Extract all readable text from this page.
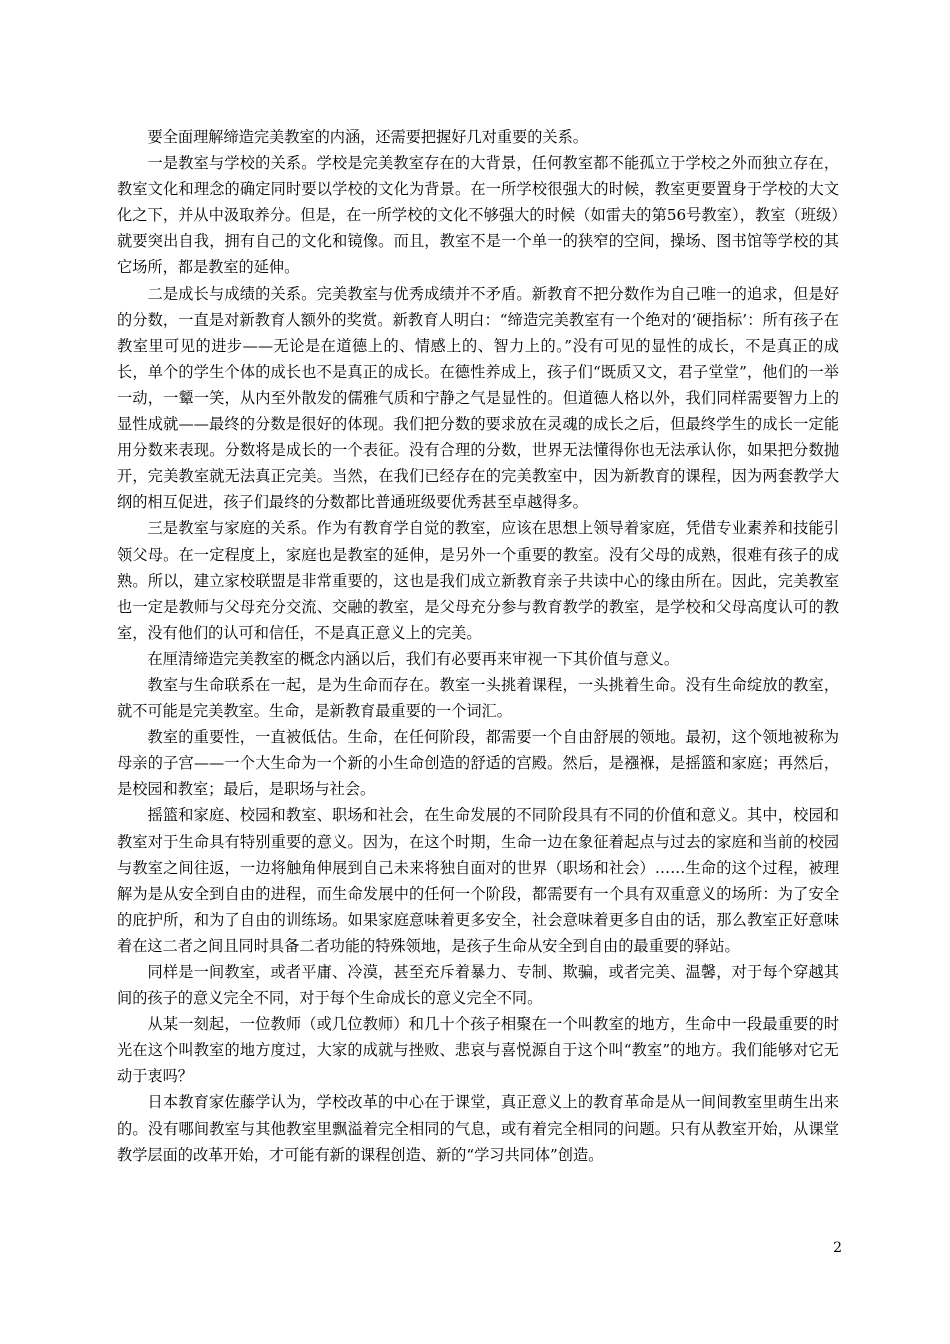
要全面理解缔造完美教室的内涵，还需要把握好几对重要的关系。

一是教室与学校的关系。学校是完美教室存在的大背景，任何教室都不能孤立于学校之外而独立存在，教室文化和理念的确定同时要以学校的文化为背景。在一所学校很强大的时候，教室更要置身于学校的大文化之下，并从中汲取养分。但是，在一所学校的文化不够强大的时候（如雷夫的第56号教室），教室（班级）就要突出自我，拥有自己的文化和镜像。而且，教室不是一个单一的狭窄的空间，操场、图书馆等学校的其它场所，都是教室的延伸。

二是成长与成绩的关系。完美教室与优秀成绩并不矛盾。新教育不把分数作为自己唯一的追求，但是好的分数，一直是对新教育人额外的奖赏。新教育人明白：“缔造完美教室有一个绝对的‘硬指标’：所有孩子在教室里可见的进步——无论是在道德上的、情感上的、智力上的。”没有可见的显性的成长，不是真正的成长，单个的学生个体的成长也不是真正的成长。在德性养成上，孩子们“既质又文，君子堂堂”，他们的一举一动，一颦一笑，从内至外散发的儒雅气质和宁静之气是显性的。但道德人格以外，我们同样需要智力上的显性成就——最终的分数是很好的体现。我们把分数的要求放在灵魂的成长之后，但最终学生的成长一定能用分数来表现。分数将是成长的一个表征。没有合理的分数，世界无法懂得你也无法承认你，如果把分数抛开，完美教室就无法真正完美。当然，在我们已经存在的完美教室中，因为新教育的课程，因为两套教学大纲的相互促进，孩子们最终的分数都比普通班级要优秀甚至卓越得多。

三是教室与家庭的关系。作为有教育学自觉的教室，应该在思想上领导着家庭，凭借专业素养和技能引领父母。在一定程度上，家庭也是教室的延伸，是另外一个重要的教室。没有父母的成熟，很难有孩子的成熟。所以，建立家校联盟是非常重要的，这也是我们成立新教育亲子共读中心的缘由所在。因此，完美教室也一定是教师与父母充分交流、交融的教室，是父母充分参与教育教学的教室，是学校和父母高度认可的教室，没有他们的认可和信任，不是真正意义上的完美。

在厘清缔造完美教室的概念内涵以后，我们有必要再来审视一下其价值与意义。

教室与生命联系在一起，是为生命而存在。教室一头挑着课程，一头挑着生命。没有生命绽放的教室，就不可能是完美教室。生命，是新教育最重要的一个词汇。

教室的重要性，一直被低估。生命，在任何阶段，都需要一个自由舒展的领地。最初，这个领地被称为母亲的子宫——一个大生命为一个新的小生命创造的舒适的宫殿。然后，是襁褓，是摇篮和家庭；再然后，是校园和教室；最后，是职场与社会。

摇篮和家庭、校园和教室、职场和社会，在生命发展的不同阶段具有不同的价值和意义。其中，校园和教室对于生命具有特别重要的意义。因为，在这个时期，生命一边在象征着起点与过去的家庭和当前的校园与教室之间往返，一边将触角伸展到自己未来将独自面对的世界（职场和社会）……生命的这个过程，被理解为是从安全到自由的进程，而生命发展中的任何一个阶段，都需要有一个具有双重意义的场所：为了安全的庇护所，和为了自由的训练场。如果家庭意味着更多安全，社会意味着更多自由的话，那么教室正好意味着在这二者之间且同时具备二者功能的特殊领地，是孩子生命从安全到自由的最重要的驿站。

同样是一间教室，或者平庸、冷漠，甚至充斥着暴力、专制、欺骗，或者完美、温馨，对于每个穿越其间的孩子的意义完全不同，对于每个生命成长的意义完全不同。

从某一刻起，一位教师（或几位教师）和几十个孩子相聚在一个叫教室的地方，生命中一段最重要的时光在这个叫教室的地方度过，大家的成就与挫败、悲哀与喜悦源自于这个叫“教室”的地方。我们能够对它无动于衷吗？

日本教育家佐藤学认为，学校改革的中心在于课堂，真正意义上的教育革命是从一间间教室里萌生出来的。没有哪间教室与其他教室里飘溢着完全相同的气息，或有着完全相同的问题。只有从教室开始，从课堂教学层面的改革开始，才可能有新的课程创造、新的“学习共同体”创造。

2
